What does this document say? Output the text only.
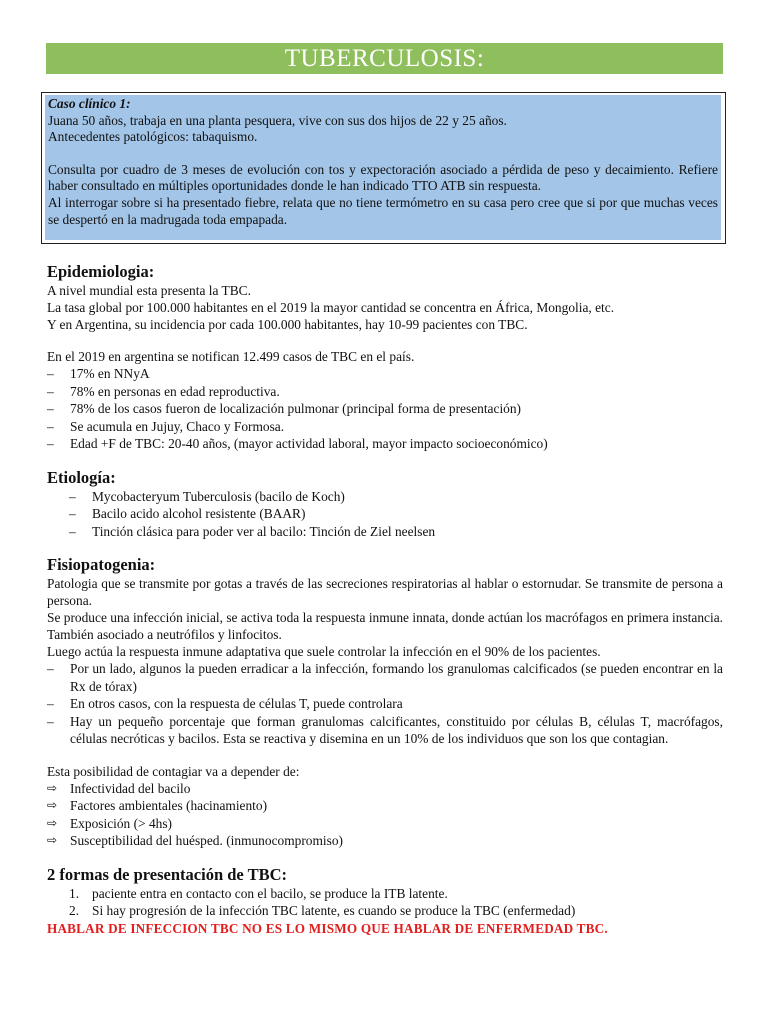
TUBERCULOSIS:

Caso clínico 1:

Juana 50 años, trabaja en una planta pesquera, vive con sus dos hijos de 22 y 25 años.

Antecedentes patológicos: tabaquismo.

Consulta por cuadro de 3 meses de evolución con tos y expectoración asociado a pérdida de peso y decaimiento. Refiere haber consultado en múltiples oportunidades donde le han indicado TTO ATB sin respuesta.

Al interrogar sobre si ha presentado fiebre, relata que no tiene termómetro en su casa pero cree que si por que muchas veces se despertó en la madrugada toda empapada.

Epidemiologia:

A nivel mundial esta presenta la TBC.

La tasa global por 100.000 habitantes en el 2019 la mayor cantidad se concentra en África, Mongolia, etc.

Y en Argentina, su incidencia por cada 100.000 habitantes, hay 10-99 pacientes con TBC.

En el 2019 en argentina se notifican 12.499 casos de TBC en el país.

– 17% en NNyA
– 78% en personas en edad reproductiva.
– 78% de los casos fueron de localización pulmonar (principal forma de presentación)
– Se acumula en Jujuy, Chaco y Formosa.
– Edad +F de TBC: 20-40 años, (mayor actividad laboral, mayor impacto socioeconómico)
Etiología:
– Mycobacteryum Tuberculosis (bacilo de Koch)
– Bacilo acido alcohol resistente (BAAR)
– Tinción clásica para poder ver al bacilo: Tinción de Ziel neelsen
Fisiopatogenia:

Patologia que se transmite por gotas a través de las secreciones respiratorias al hablar o estornudar. Se transmite de persona a persona.

Se produce una infección inicial, se activa toda la respuesta inmune innata, donde actúan los macrófagos en primera instancia. También asociado a neutrófilos y linfocitos.

Luego actúa la respuesta inmune adaptativa que suele controlar la infección en el 90% de los pacientes.

– Por un lado, algunos la pueden erradicar a la infección, formando los granulomas calcificados (se pueden encontrar en la Rx de tórax)
– En otros casos, con la respuesta de células T, puede controlara
– Hay un pequeño porcentaje que forman granulomas calcificantes, constituido por células B, células T, macrófagos, células necróticas y bacilos. Esta se reactiva y disemina en un 10% de los individuos que son los que contagian.

Esta posibilidad de contagiar va a depender de:

⇨ Infectividad del bacilo
⇨ Factores ambientales (hacinamiento)
⇨ Exposición (> 4hs)
⇨ Susceptibilidad del huésped. (inmunocompromiso)
2 formas de presentación de TBC:
1. paciente entra en contacto con el bacilo, se produce la ITB latente.
2. Si hay progresión de la infección TBC latente, es cuando se produce la TBC (enfermedad)

HABLAR DE INFECCION TBC NO ES LO MISMO QUE HABLAR DE ENFERMEDAD TBC.
